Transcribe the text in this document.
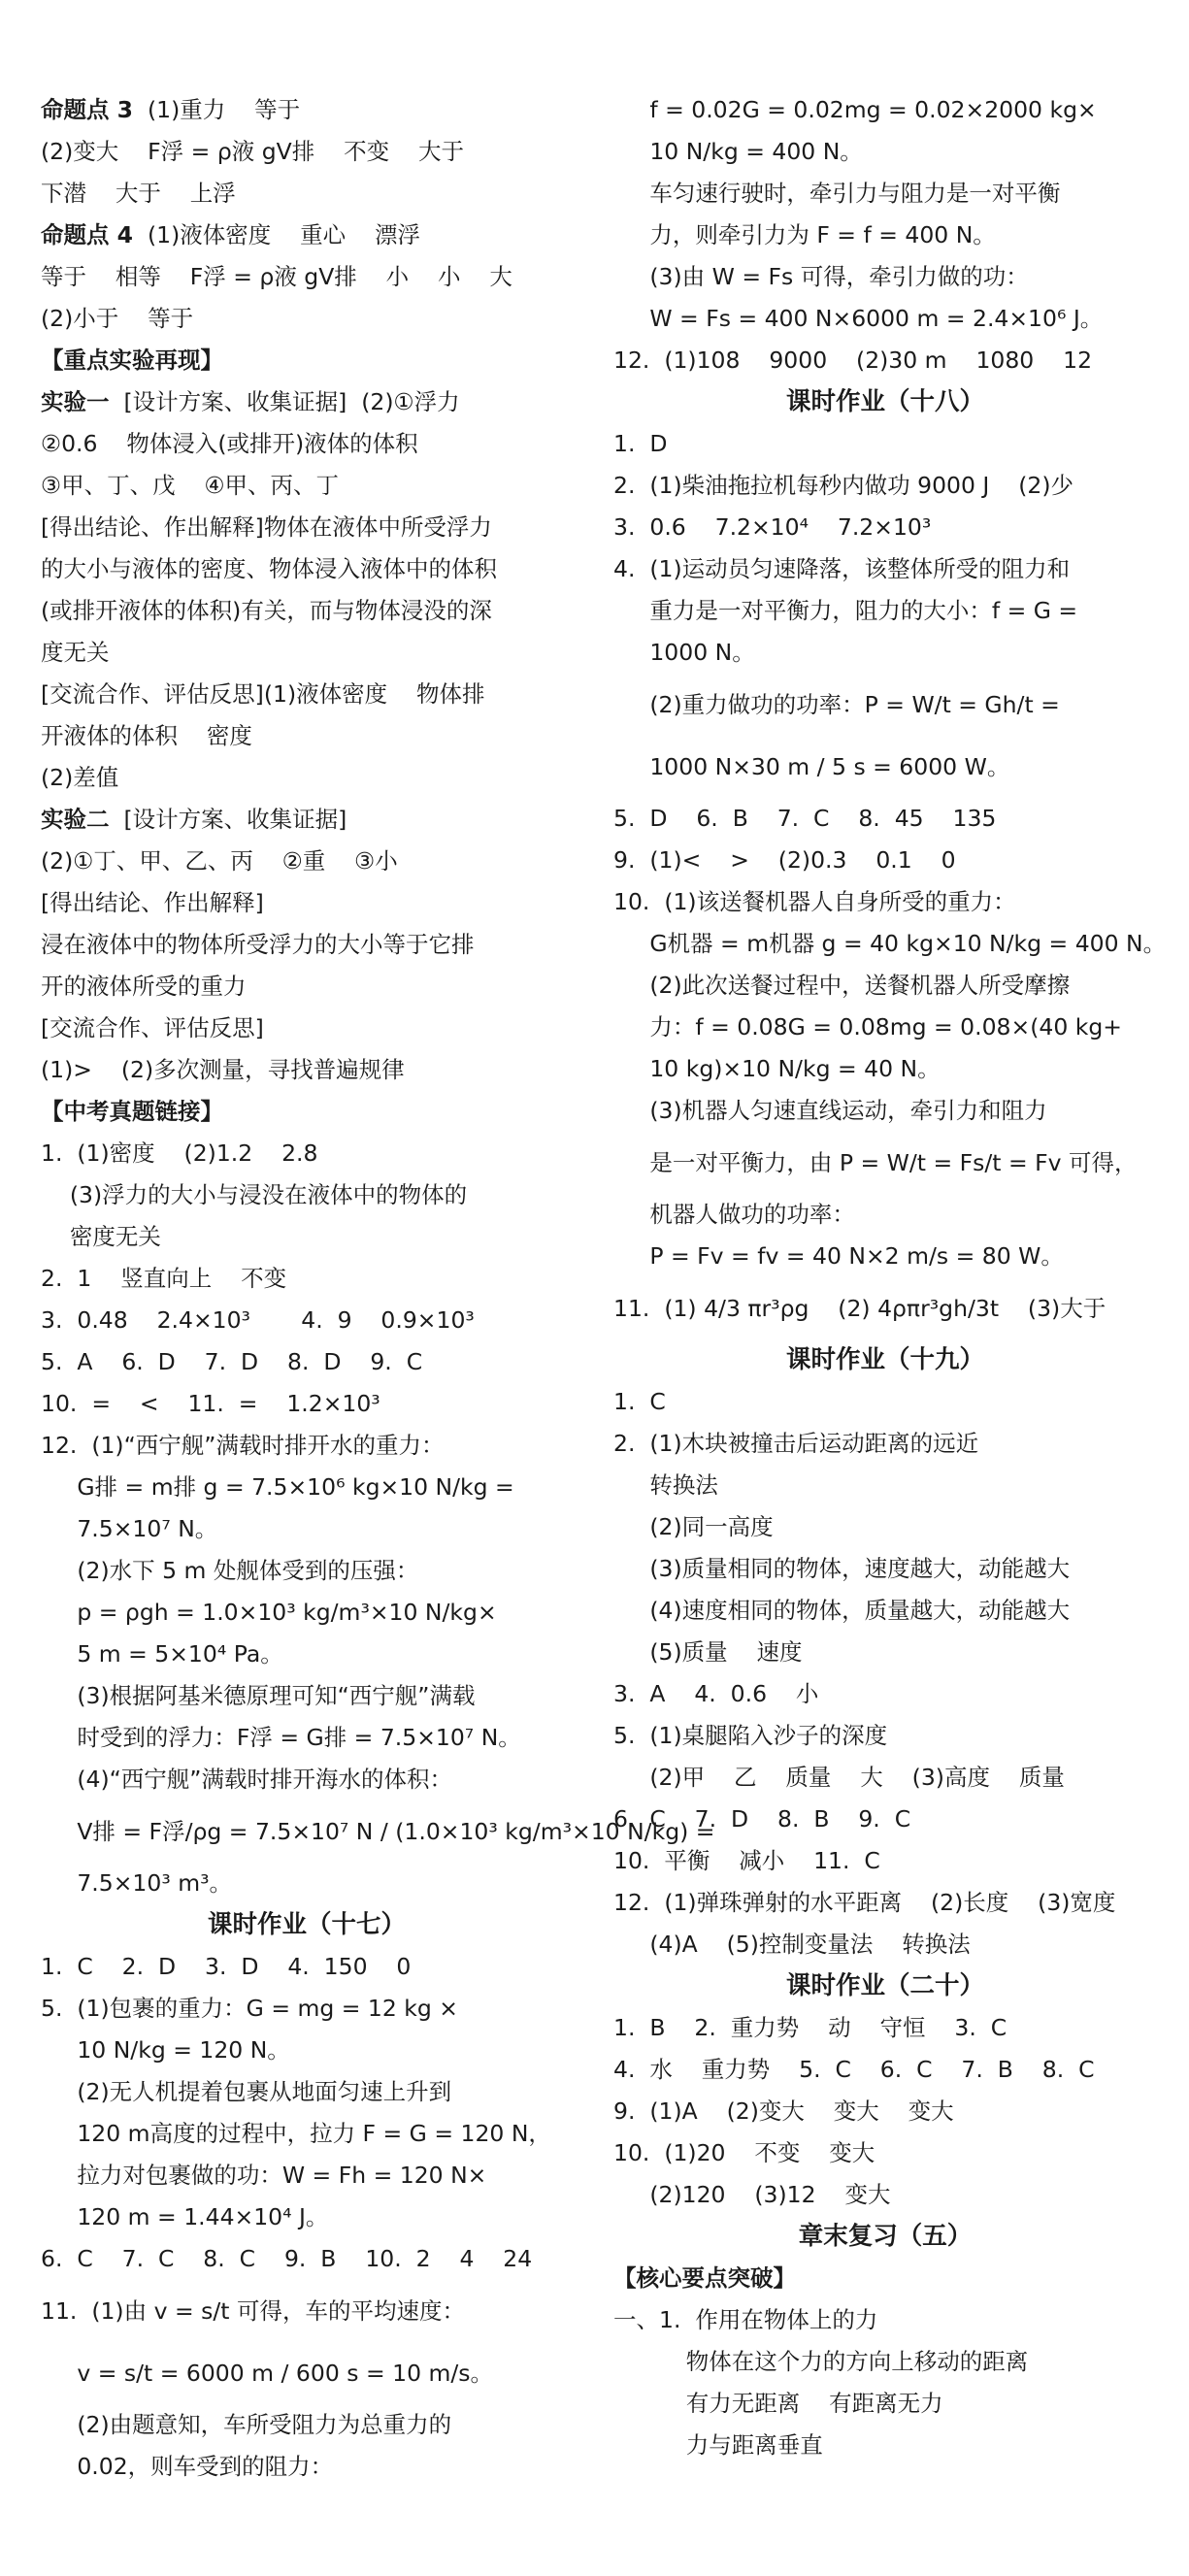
命题点 3  (1)重力    等于
(2)变大    F浮 = ρ液 gV排    不变    大于
下潜    大于    上浮
命题点 4  (1)液体密度    重心    漂浮
等于    相等    F浮 = ρ液 gV排    小    小    大
(2)小于    等于
【重点实验再现】
实验一  [设计方案、收集证据]  (2)①浮力
②0.6    物体浸入(或排开)液体的体积
③甲、丁、戊    ④甲、丙、丁
[得出结论、作出解释]物体在液体中所受浮力
的大小与液体的密度、物体浸入液体中的体积
(或排开液体的体积)有关，而与物体浸没的深
度无关
[交流合作、评估反思](1)液体密度    物体排
开液体的体积    密度
(2)差值
实验二  [设计方案、收集证据]
(2)①丁、甲、乙、丙    ②重    ③小
[得出结论、作出解释]
浸在液体中的物体所受浮力的大小等于它排
开的液体所受的重力
[交流合作、评估反思]
(1)>    (2)多次测量，寻找普遍规律
【中考真题链接】
1.  (1)密度    (2)1.2    2.8
(3)浮力的大小与浸没在液体中的物体的
密度无关
2.  1    竖直向上    不变
3.  0.48    2.4×10³       4.  9    0.9×10³
5.  A    6.  D    7.  D    8.  D    9.  C
10.  =    <    11.  =    1.2×10³
12.  (1)“西宁舰”满载时排开水的重力：
G排 = m排 g = 7.5×10⁶ kg×10 N/kg =
7.5×10⁷ N。
(2)水下 5 m 处舰体受到的压强：
p = ρgh = 1.0×10³ kg/m³×10 N/kg×
5 m = 5×10⁴ Pa。
(3)根据阿基米德原理可知“西宁舰”满载
时受到的浮力：F浮 = G排 = 7.5×10⁷ N。
(4)“西宁舰”满载时排开海水的体积：
V排 = F浮/ρg = 7.5×10⁷ N / (1.0×10³ kg/m³×10 N/kg) =
7.5×10³ m³。
课时作业（十七）
1.  C    2.  D    3.  D    4.  150    0
5.  (1)包裹的重力：G = mg = 12 kg ×
10 N/kg = 120 N。
(2)无人机提着包裹从地面匀速上升到
120 m高度的过程中，拉力 F = G = 120 N，
拉力对包裹做的功：W = Fh = 120 N×
120 m = 1.44×10⁴ J。
6.  C    7.  C    8.  C    9.  B    10.  2    4    24
11.  (1)由 v = s/t 可得，车的平均速度：
v = s/t = 6000 m / 600 s = 10 m/s。
(2)由题意知，车所受阻力为总重力的
0.02，则车受到的阻力：
f = 0.02G = 0.02mg = 0.02×2000 kg×
10 N/kg = 400 N。
车匀速行驶时，牵引力与阻力是一对平衡
力，则牵引力为 F = f = 400 N。
(3)由 W = Fs 可得，牵引力做的功：
W = Fs = 400 N×6000 m = 2.4×10⁶ J。
12.  (1)108    9000    (2)30 m    1080    12
课时作业（十八）
1.  D
2.  (1)柴油拖拉机每秒内做功 9000 J    (2)少
3.  0.6    7.2×10⁴    7.2×10³
4.  (1)运动员匀速降落，该整体所受的阻力和
重力是一对平衡力，阻力的大小：f = G =
1000 N。
(2)重力做功的功率：P = W/t = Gh/t =
1000 N×30 m / 5 s = 6000 W。
5.  D    6.  B    7.  C    8.  45    135
9.  (1)<    >    (2)0.3    0.1    0
10.  (1)该送餐机器人自身所受的重力：
G机器 = m机器 g = 40 kg×10 N/kg = 400 N。
(2)此次送餐过程中，送餐机器人所受摩擦
力：f = 0.08G = 0.08mg = 0.08×(40 kg+
10 kg)×10 N/kg = 40 N。
(3)机器人匀速直线运动，牵引力和阻力
是一对平衡力，由 P = W/t = Fs/t = Fv 可得，
机器人做功的功率：
P = Fv = fv = 40 N×2 m/s = 80 W。
11.  (1) 4/3 πr³ρg    (2) 4ρπr³gh/3t    (3)大于
课时作业（十九）
1.  C
2.  (1)木块被撞击后运动距离的远近
转换法
(2)同一高度
(3)质量相同的物体，速度越大，动能越大
(4)速度相同的物体，质量越大，动能越大
(5)质量    速度
3.  A    4.  0.6    小
5.  (1)桌腿陷入沙子的深度
(2)甲    乙    质量    大    (3)高度    质量
6.  C    7.  D    8.  B    9.  C
10.  平衡    减小    11.  C
12.  (1)弹珠弹射的水平距离    (2)长度    (3)宽度
(4)A    (5)控制变量法    转换法
课时作业（二十）
1.  B    2.  重力势    动    守恒    3.  C
4.  水    重力势    5.  C    6.  C    7.  B    8.  C
9.  (1)A    (2)变大    变大    变大
10.  (1)20    不变    变大
(2)120    (3)12    变大
章末复习（五）
【核心要点突破】
一、1.  作用在物体上的力
物体在这个力的方向上移动的距离
有力无距离    有距离无力
力与距离垂直
